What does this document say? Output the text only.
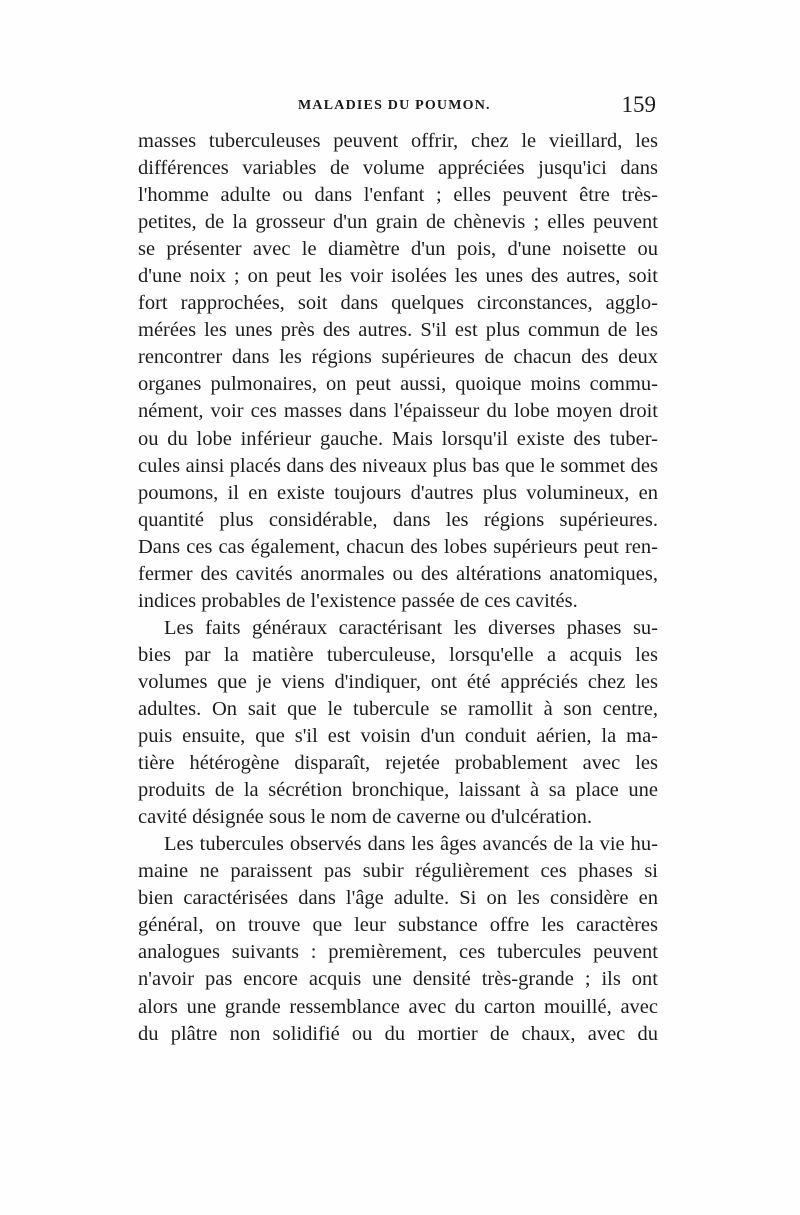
MALADIES DU POUMON.	159
masses tuberculeuses peuvent offrir, chez le vieillard, les
différences variables de volume appréciées jusqu'ici dans
l'homme adulte ou dans l'enfant ; elles peuvent être très-
petites, de la grosseur d'un grain de chènevis ; elles peuvent
se présenter avec le diamètre d'un pois, d'une noisette ou
d'une noix ; on peut les voir isolées les unes des autres, soit
fort rapprochées, soit dans quelques circonstances, agglo-
mérées les unes près des autres. S'il est plus commun de les
rencontrer dans les régions supérieures de chacun des deux
organes pulmonaires, on peut aussi, quoique moins commu-
nément, voir ces masses dans l'épaisseur du lobe moyen droit
ou du lobe inférieur gauche. Mais lorsqu'il existe des tuber-
cules ainsi placés dans des niveaux plus bas que le sommet des
poumons, il en existe toujours d'autres plus volumineux, en
quantité plus considérable, dans les régions supérieures.
Dans ces cas également, chacun des lobes supérieurs peut ren-
fermer des cavités anormales ou des altérations anatomiques,
indices probables de l'existence passée de ces cavités.
Les faits généraux caractérisant les diverses phases su-
bies par la matière tuberculeuse, lorsqu'elle a acquis les
volumes que je viens d'indiquer, ont été appréciés chez les
adultes. On sait que le tubercule se ramollit à son centre,
puis ensuite, que s'il est voisin d'un conduit aérien, la ma-
tière hétérogène disparaît, rejetée probablement avec les
produits de la sécrétion bronchique, laissant à sa place une
cavité désignée sous le nom de caverne ou d'ulcération.
Les tubercules observés dans les âges avancés de la vie hu-
maine ne paraissent pas subir régulièrement ces phases si
bien caractérisées dans l'âge adulte. Si on les considère en
général, on trouve que leur substance offre les caractères
analogues suivants : premièrement, ces tubercules peuvent
n'avoir pas encore acquis une densité très-grande ; ils ont
alors une grande ressemblance avec du carton mouillé, avec
du plâtre non solidifié ou du mortier de chaux, avec du
